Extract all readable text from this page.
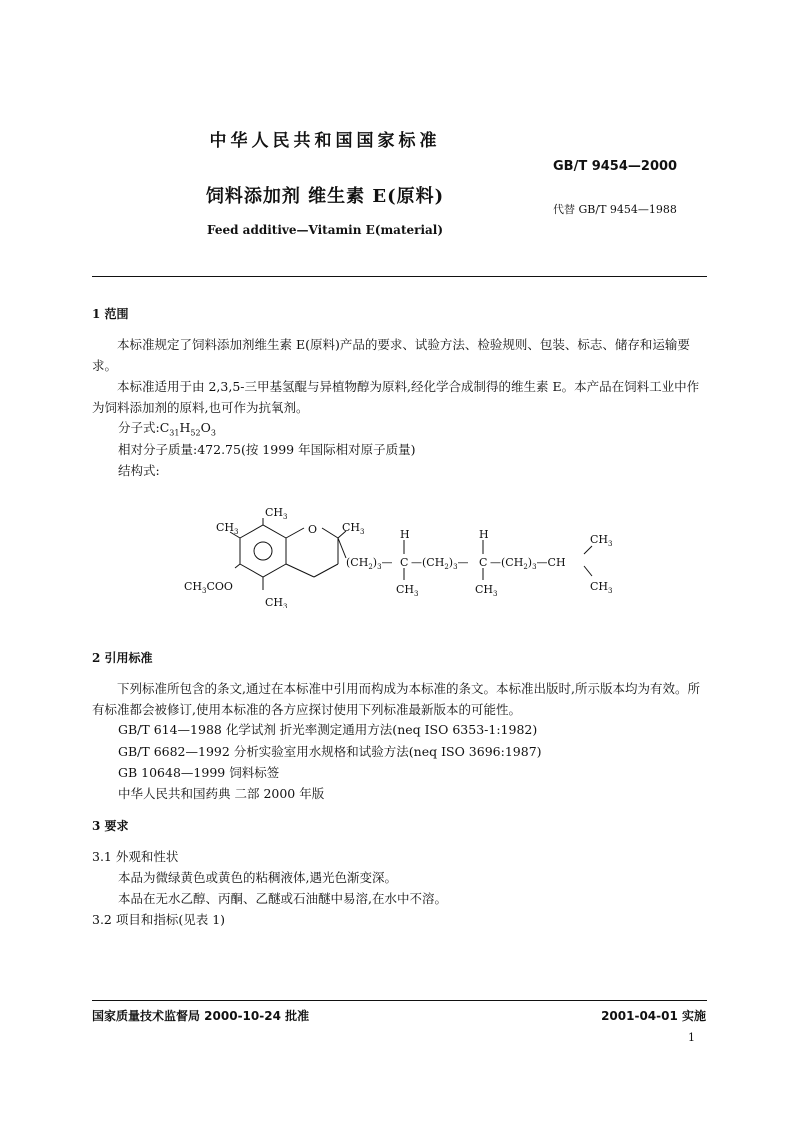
中华人民共和国国家标准
GB/T 9454—2000
饲料添加剂 维生素 E(原料)
代替 GB/T 9454—1988
Feed additive—Vitamin E(material)
1 范围
本标准规定了饲料添加剂维生素 E(原料)产品的要求、试验方法、检验规则、包装、标志、储存和运输要求。
本标准适用于由 2,3,5-三甲基氢醌与异植物醇为原料,经化学合成制得的维生素 E。本产品在饲料工业中作为饲料添加剂的原料,也可作为抗氧剂。
分子式$:C_{31}H_{52}O_3$
相对分子质量:472.75(按 1999 年国际相对原子质量)
结构式:
$CH_3$
$CH_3$
O $CH_3$
$CH_3COO$
$CH_3$
$(CH_2)_3—$
H
C
$CH_3$
$—(CH_2)_3—$
H
C
$CH_3$
$—(CH_2)_3—CH$
$CH_3$
$CH_3$
2 引用标准
下列标准所包含的条文,通过在本标准中引用而构成为本标准的条文。本标准出版时,所示版本均为有效。所有标准都会被修订,使用本标准的各方应探讨使用下列标准最新版本的可能性。
GB/T 614—1988 化学试剂 折光率测定通用方法(neq ISO 6353-1:1982)
GB/T 6682—1992 分析实验室用水规格和试验方法(neq ISO 3696:1987)
GB 10648—1999 饲料标签
中华人民共和国药典 二部 2000 年版
3 要求
3.1 外观和性状
本品为微绿黄色或黄色的粘稠液体,遇光色渐变深。
本品在无水乙醇、丙酮、乙醚或石油醚中易溶,在水中不溶。
3.2 项目和指标(见表 1)
国家质量技术监督局 2000-10-24 批准	2001-04-01 实施
1
